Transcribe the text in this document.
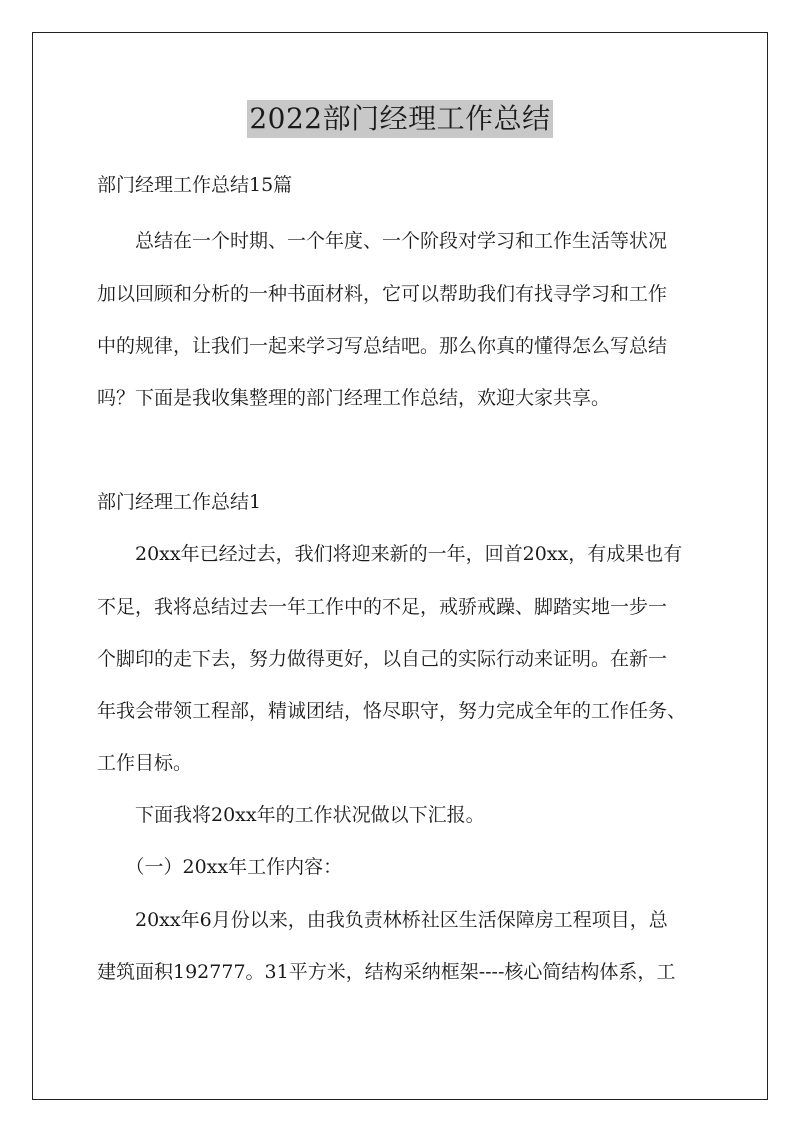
2022部门经理工作总结
部门经理工作总结15篇
　　总结在一个时期、一个年度、一个阶段对学习和工作生活等状况
加以回顾和分析的一种书面材料，它可以帮助我们有找寻学习和工作
中的规律，让我们一起来学习写总结吧。那么你真的懂得怎么写总结
吗？下面是我收集整理的部门经理工作总结，欢迎大家共享。
部门经理工作总结1
　　20xx年已经过去，我们将迎来新的一年，回首20xx，有成果也有
不足，我将总结过去一年工作中的不足，戒骄戒躁、脚踏实地一步一
个脚印的走下去，努力做得更好，以自己的实际行动来证明。在新一
年我会带领工程部，精诚团结，恪尽职守，努力完成全年的工作任务、
工作目标。
　　下面我将20xx年的工作状况做以下汇报。
　　（一）20xx年工作内容：
　　20xx年6月份以来，由我负责林桥社区生活保障房工程项目，总
建筑面积192777。31平方米，结构采纳框架----核心简结构体系，工
